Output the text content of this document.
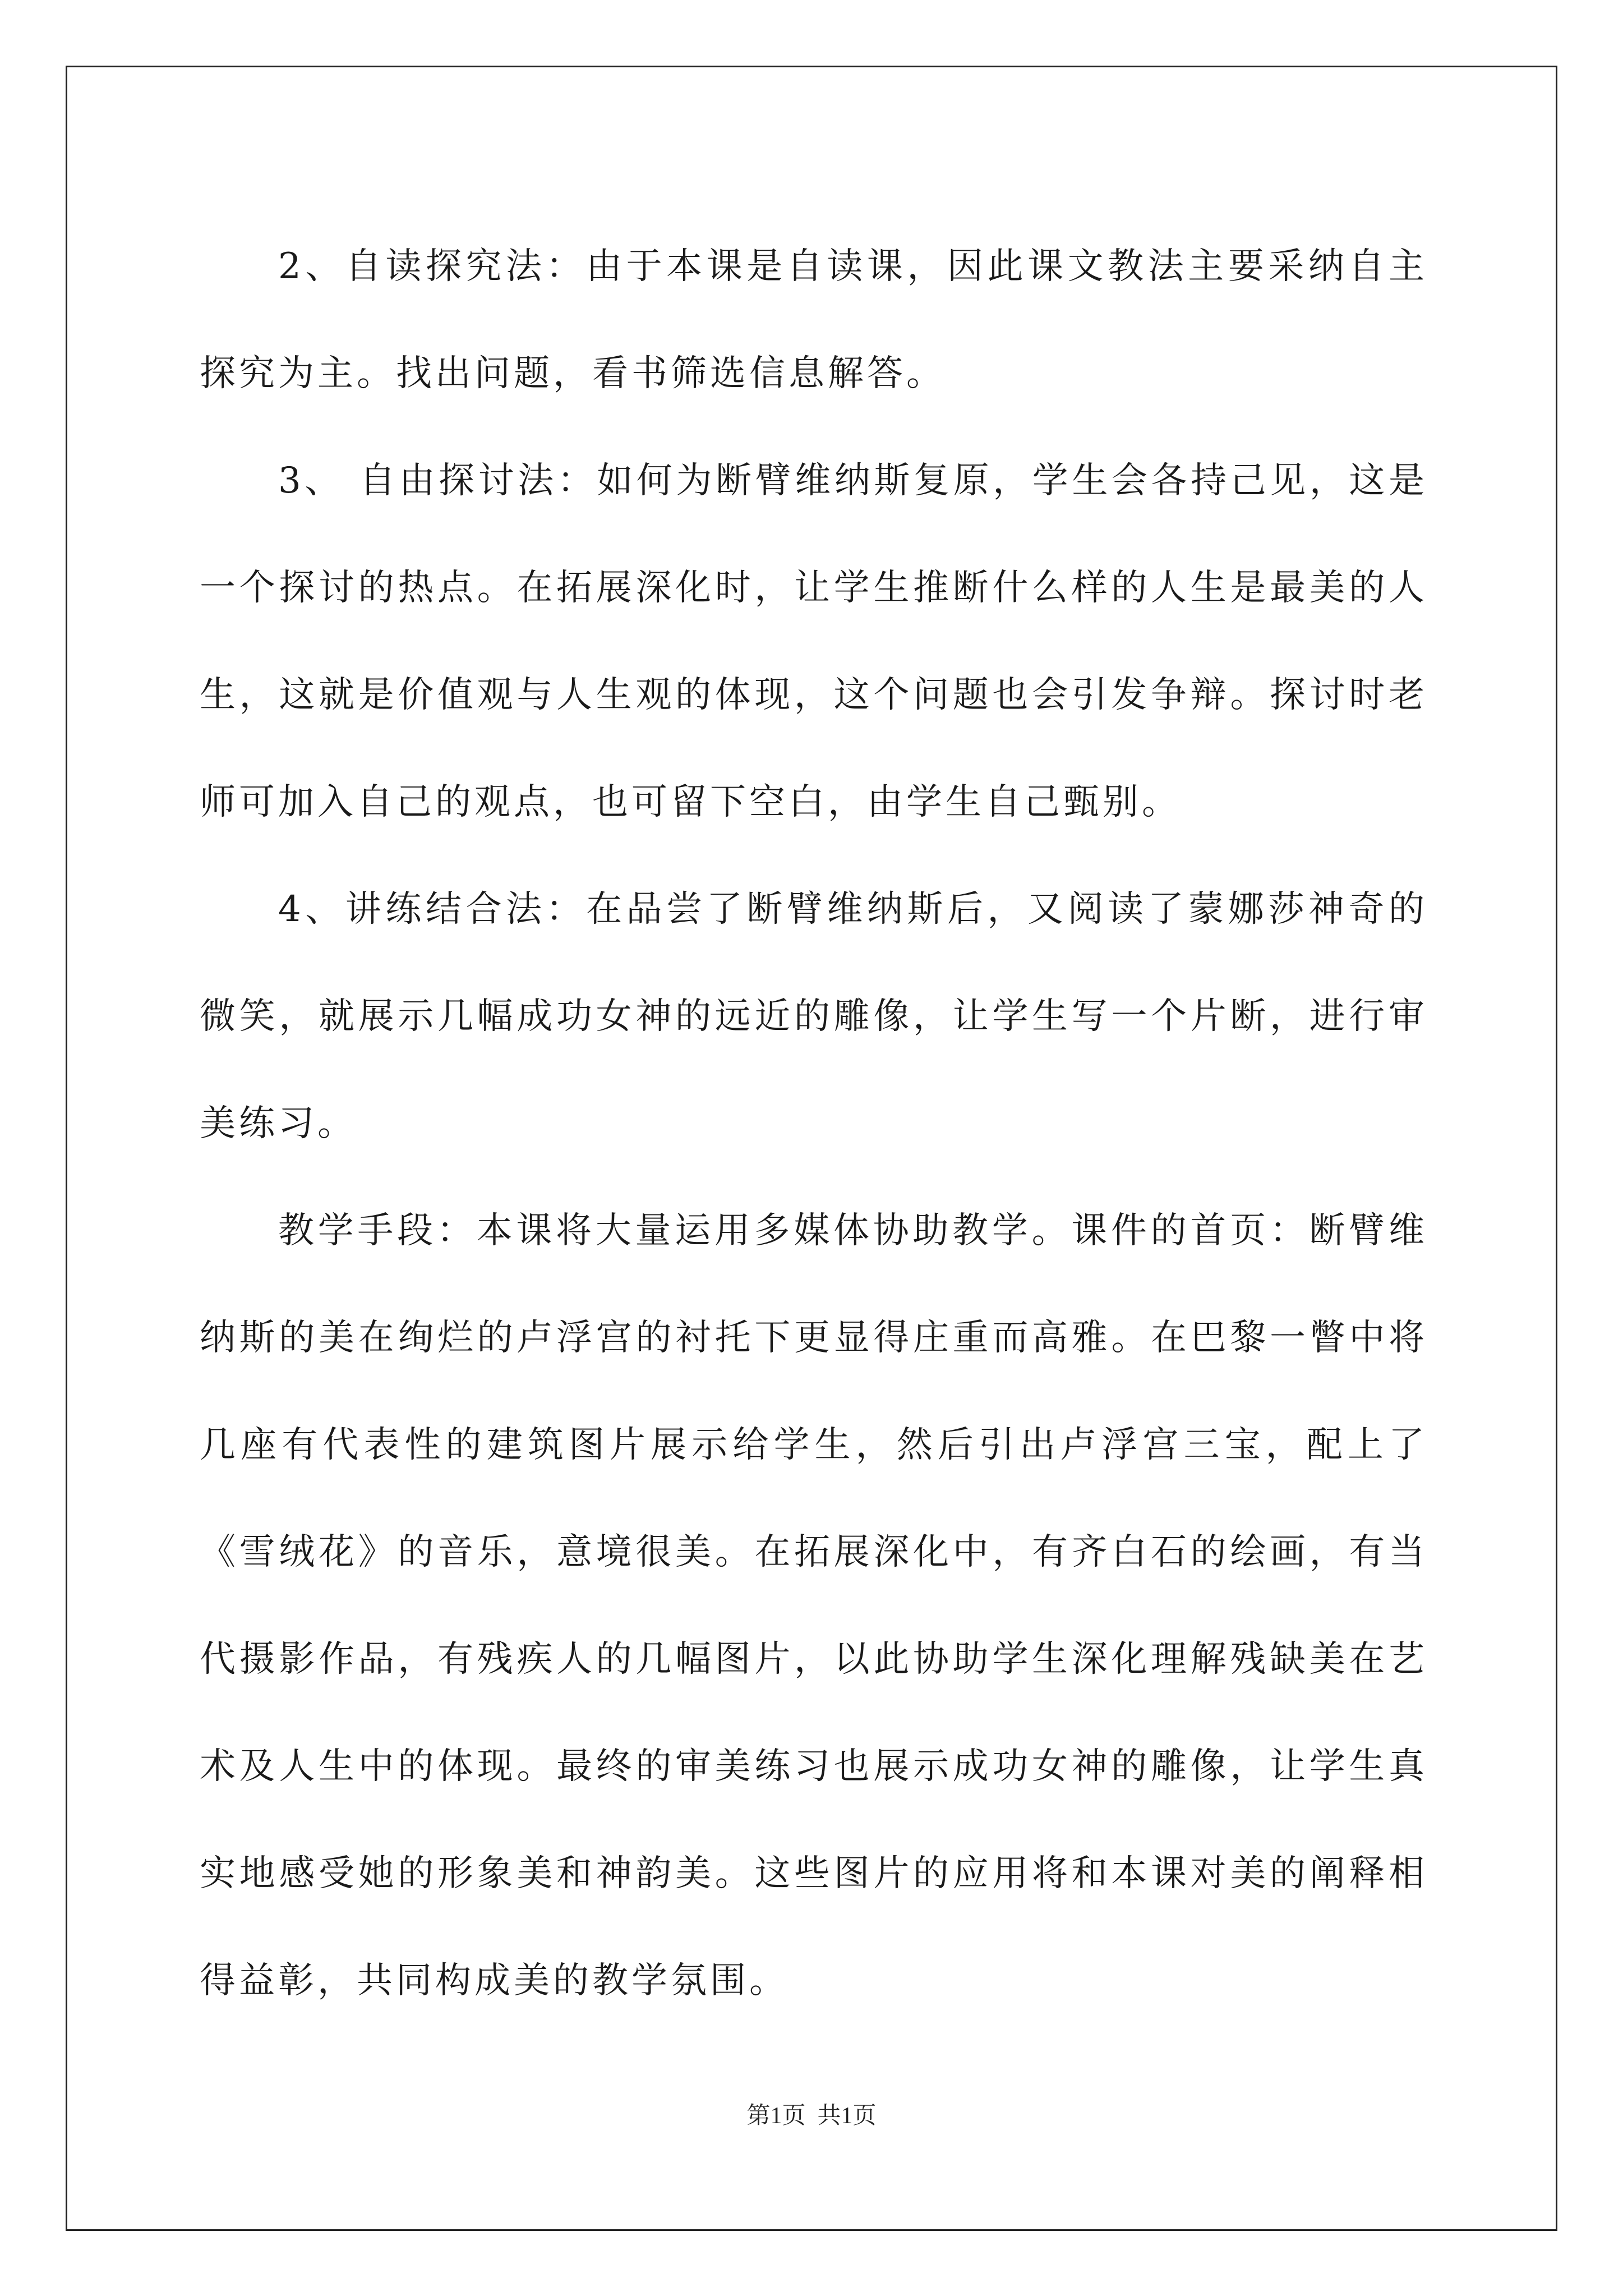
2、自读探究法：由于本课是自读课，因此课文教法主要采纳自主探究为主。找出问题，看书筛选信息解答。

3、 自由探讨法：如何为断臂维纳斯复原，学生会各持己见，这是一个探讨的热点。在拓展深化时，让学生推断什么样的人生是最美的人生，这就是价值观与人生观的体现，这个问题也会引发争辩。探讨时老师可加入自己的观点，也可留下空白，由学生自己甄别。

4、讲练结合法：在品尝了断臂维纳斯后，又阅读了蒙娜莎神奇的微笑，就展示几幅成功女神的远近的雕像，让学生写一个片断，进行审美练习。

教学手段：本课将大量运用多媒体协助教学。课件的首页：断臂维纳斯的美在绚烂的卢浮宫的衬托下更显得庄重而高雅。在巴黎一瞥中将几座有代表性的建筑图片展示给学生，然后引出卢浮宫三宝，配上了《雪绒花》的音乐，意境很美。在拓展深化中，有齐白石的绘画，有当代摄影作品，有残疾人的几幅图片，以此协助学生深化理解残缺美在艺术及人生中的体现。最终的审美练习也展示成功女神的雕像，让学生真实地感受她的形象美和神韵美。这些图片的应用将和本课对美的阐释相得益彰，共同构成美的教学氛围。

第1页  共1页
